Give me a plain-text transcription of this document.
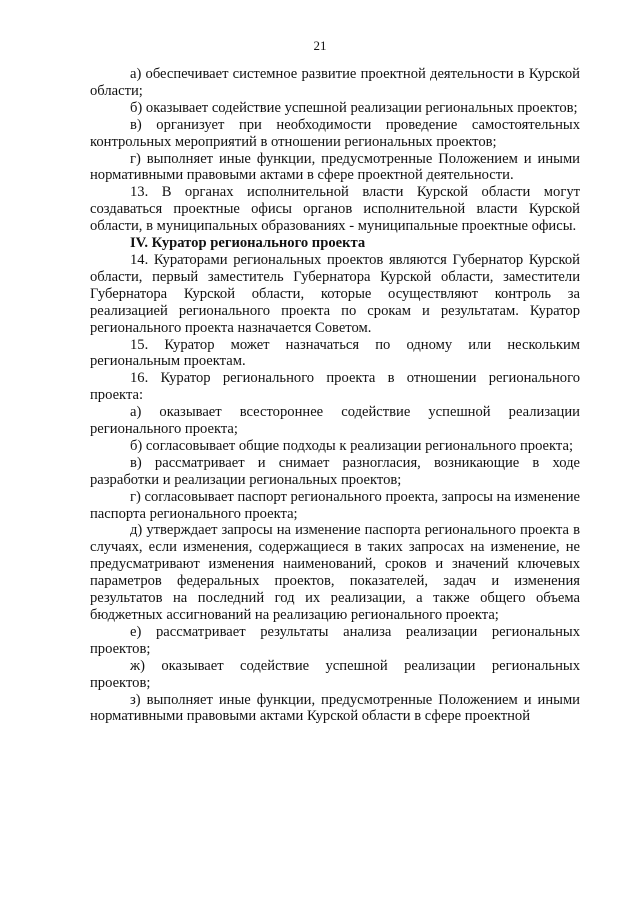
21

а) обеспечивает системное развитие проектной деятельности в Курской области;

б) оказывает содействие успешной реализации региональных проектов;

в) организует при необходимости проведение самостоятельных контрольных мероприятий в отношении региональных проектов;

г) выполняет иные функции, предусмотренные Положением и иными нормативными правовыми актами в сфере проектной деятельности.

13. В органах исполнительной власти Курской области могут создаваться проектные офисы органов исполнительной власти Курской области, в муниципальных образованиях - муниципальные проектные офисы.

IV. Куратор регионального проекта

14. Кураторами региональных проектов являются Губернатор Курской области, первый заместитель Губернатора Курской области, заместители Губернатора Курской области, которые осуществляют контроль за реализацией регионального проекта по срокам и результатам. Куратор регионального проекта назначается Советом.

15. Куратор может назначаться по одному или нескольким региональным проектам.

16. Куратор регионального проекта в отношении регионального проекта:

а) оказывает всестороннее содействие успешной реализации регионального проекта;

б) согласовывает общие подходы к реализации регионального проекта;

в) рассматривает и снимает разногласия, возникающие в ходе разработки и реализации региональных проектов;

г) согласовывает паспорт регионального проекта, запросы на изменение паспорта регионального проекта;

д) утверждает запросы на изменение паспорта регионального проекта в случаях, если изменения, содержащиеся в таких запросах на изменение, не предусматривают изменения наименований, сроков и значений ключевых параметров федеральных проектов, показателей, задач и изменения результатов на последний год их реализации, а также общего объема бюджетных ассигнований на реализацию регионального проекта;

е) рассматривает результаты анализа реализации региональных проектов;

ж) оказывает содействие успешной реализации региональных проектов;

з) выполняет иные функции, предусмотренные Положением и иными нормативными правовыми актами Курской области в сфере проектной
